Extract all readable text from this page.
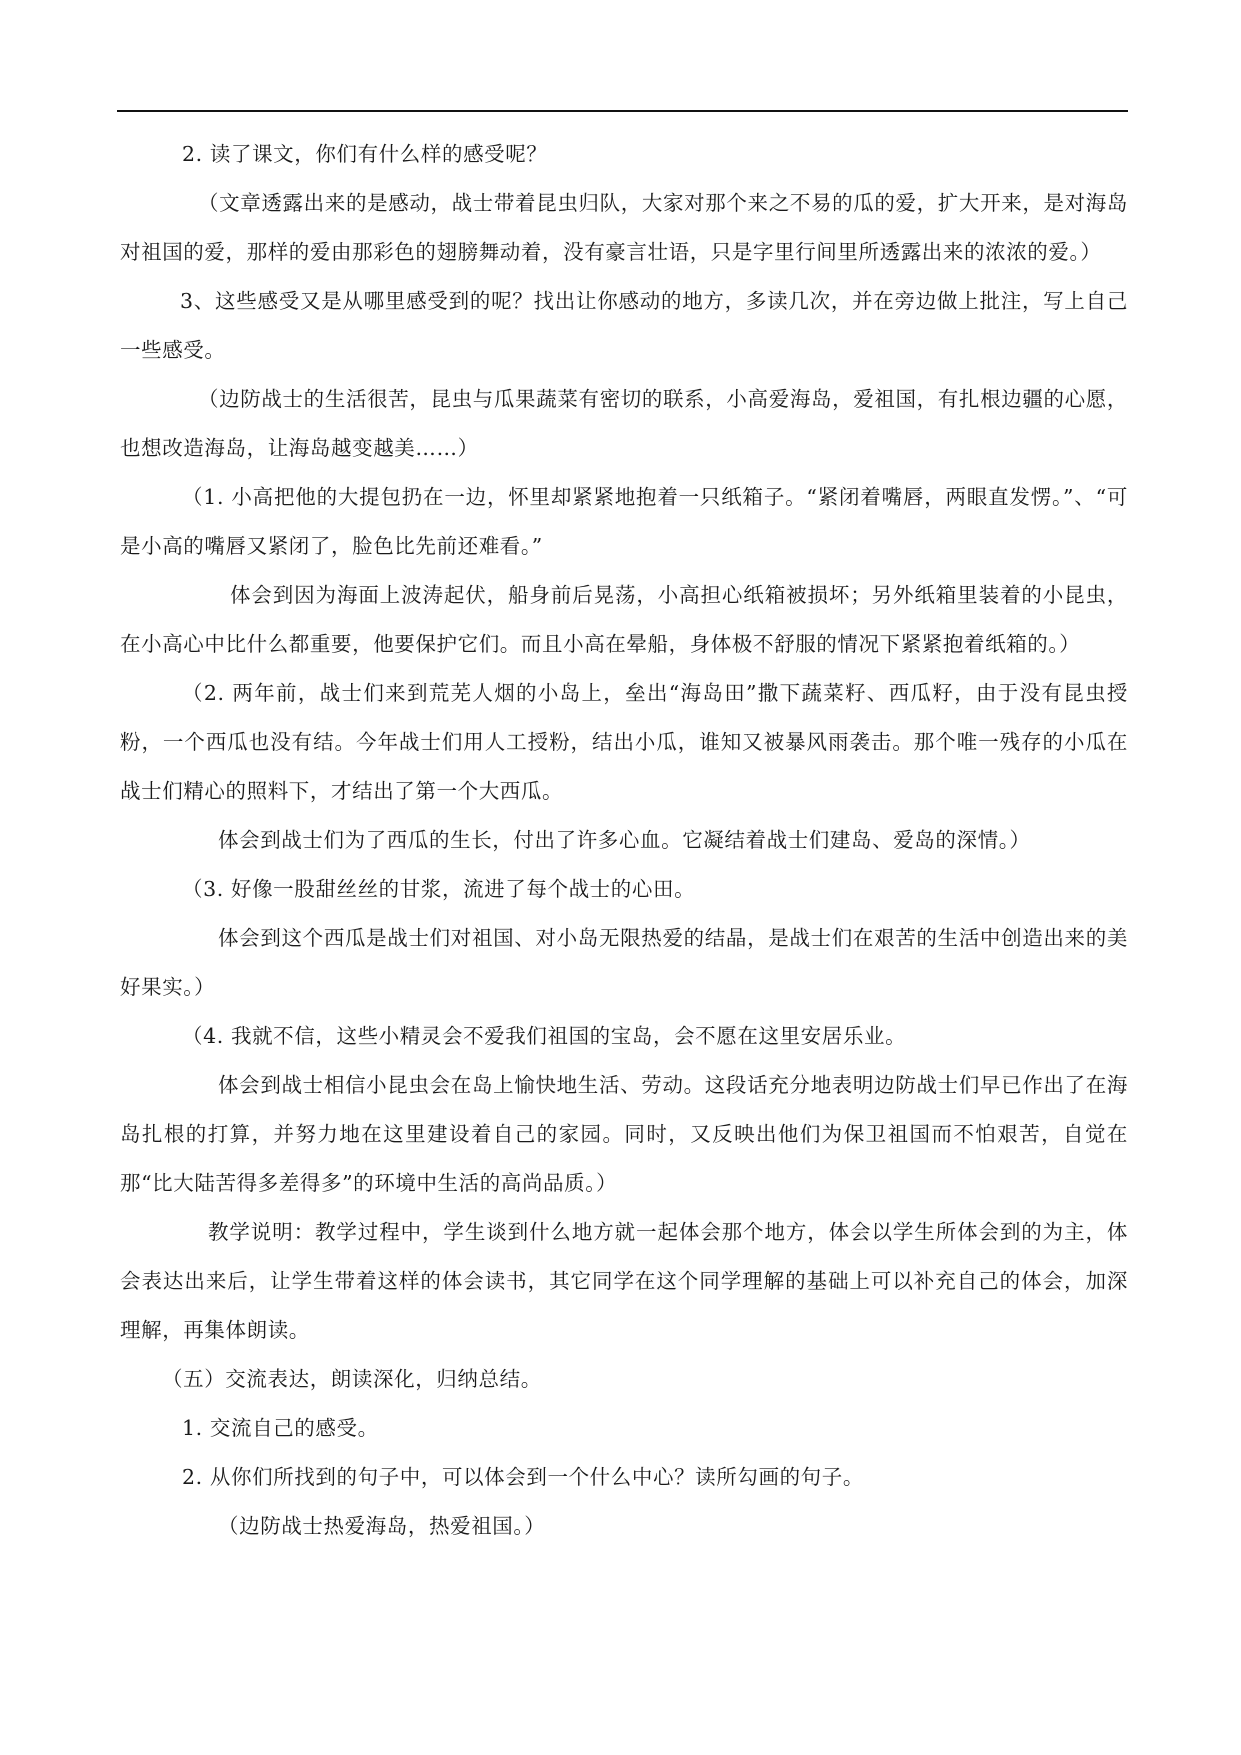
2. 读了课文，你们有什么样的感受呢？

（文章透露出来的是感动，战士带着昆虫归队，大家对那个来之不易的瓜的爱，扩大开来，是对海岛对祖国的爱，那样的爱由那彩色的翅膀舞动着，没有豪言壮语，只是字里行间里所透露出来的浓浓的爱。）

3、这些感受又是从哪里感受到的呢？找出让你感动的地方，多读几次，并在旁边做上批注，写上自己一些感受。

（边防战士的生活很苦，昆虫与瓜果蔬菜有密切的联系，小高爱海岛，爱祖国，有扎根边疆的心愿，也想改造海岛，让海岛越变越美……）

（1. 小高把他的大提包扔在一边，怀里却紧紧地抱着一只纸箱子。“紧闭着嘴唇，两眼直发愣。”、“可是小高的嘴唇又紧闭了，脸色比先前还难看。”

体会到因为海面上波涛起伏，船身前后晃荡，小高担心纸箱被损坏；另外纸箱里装着的小昆虫，在小高心中比什么都重要，他要保护它们。而且小高在晕船，身体极不舒服的情况下紧紧抱着纸箱的。）

（2. 两年前，战士们来到荒芜人烟的小岛上，垒出“海岛田”撒下蔬菜籽、西瓜籽，由于没有昆虫授粉，一个西瓜也没有结。今年战士们用人工授粉，结出小瓜，谁知又被暴风雨袭击。那个唯一残存的小瓜在战士们精心的照料下，才结出了第一个大西瓜。

体会到战士们为了西瓜的生长，付出了许多心血。它凝结着战士们建岛、爱岛的深情。）

（3. 好像一股甜丝丝的甘浆，流进了每个战士的心田。

体会到这个西瓜是战士们对祖国、对小岛无限热爱的结晶，是战士们在艰苦的生活中创造出来的美好果实。）

（4. 我就不信，这些小精灵会不爱我们祖国的宝岛，会不愿在这里安居乐业。

体会到战士相信小昆虫会在岛上愉快地生活、劳动。这段话充分地表明边防战士们早已作出了在海岛扎根的打算，并努力地在这里建设着自己的家园。同时，又反映出他们为保卫祖国而不怕艰苦，自觉在那“比大陆苦得多差得多”的环境中生活的高尚品质。）

教学说明：教学过程中，学生谈到什么地方就一起体会那个地方，体会以学生所体会到的为主，体会表达出来后，让学生带着这样的体会读书，其它同学在这个同学理解的基础上可以补充自己的体会，加深理解，再集体朗读。

（五）交流表达，朗读深化，归纳总结。

1. 交流自己的感受。

2. 从你们所找到的句子中，可以体会到一个什么中心？读所勾画的句子。

（边防战士热爱海岛，热爱祖国。）
